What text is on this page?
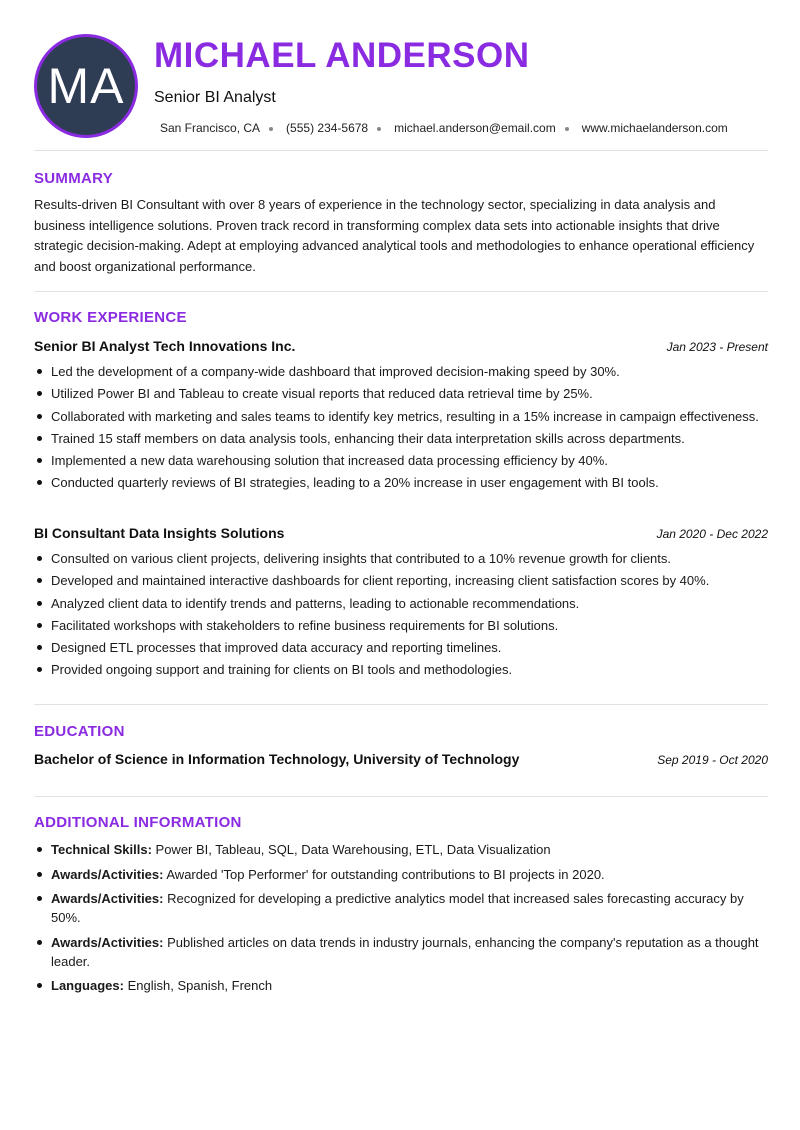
MA
MICHAEL ANDERSON
Senior BI Analyst
San Francisco, CA (555) 234-5678 michael.anderson@email.com www.michaelanderson.com
SUMMARY
Results-driven BI Consultant with over 8 years of experience in the technology sector, specializing in data analysis and business intelligence solutions. Proven track record in transforming complex data sets into actionable insights that drive strategic decision-making. Adept at employing advanced analytical tools and methodologies to enhance operational efficiency and boost organizational performance.
WORK EXPERIENCE
Senior BI Analyst Tech Innovations Inc.	Jan 2023 - Present
Led the development of a company-wide dashboard that improved decision-making speed by 30%.
Utilized Power BI and Tableau to create visual reports that reduced data retrieval time by 25%.
Collaborated with marketing and sales teams to identify key metrics, resulting in a 15% increase in campaign effectiveness.
Trained 15 staff members on data analysis tools, enhancing their data interpretation skills across departments.
Implemented a new data warehousing solution that increased data processing efficiency by 40%.
Conducted quarterly reviews of BI strategies, leading to a 20% increase in user engagement with BI tools.
BI Consultant Data Insights Solutions	Jan 2020 - Dec 2022
Consulted on various client projects, delivering insights that contributed to a 10% revenue growth for clients.
Developed and maintained interactive dashboards for client reporting, increasing client satisfaction scores by 40%.
Analyzed client data to identify trends and patterns, leading to actionable recommendations.
Facilitated workshops with stakeholders to refine business requirements for BI solutions.
Designed ETL processes that improved data accuracy and reporting timelines.
Provided ongoing support and training for clients on BI tools and methodologies.
EDUCATION
Bachelor of Science in Information Technology, University of Technology	Sep 2019 - Oct 2020
ADDITIONAL INFORMATION
Technical Skills: Power BI, Tableau, SQL, Data Warehousing, ETL, Data Visualization
Awards/Activities: Awarded 'Top Performer' for outstanding contributions to BI projects in 2020.
Awards/Activities: Recognized for developing a predictive analytics model that increased sales forecasting accuracy by 50%.
Awards/Activities: Published articles on data trends in industry journals, enhancing the company's reputation as a thought leader.
Languages: English, Spanish, French
